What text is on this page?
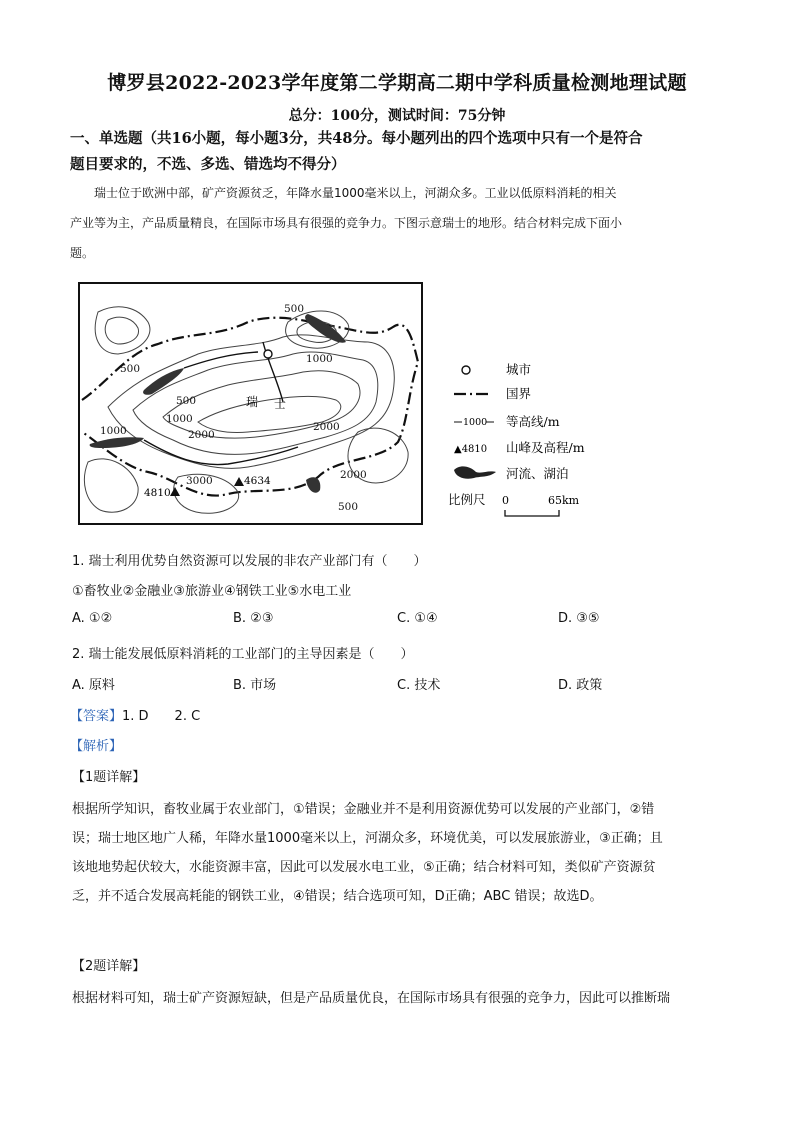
博罗县2022-2023学年度第二学期高二期中学科质量检测地理试题
总分：100分，测试时间：75分钟
一、单选题（共16小题，每小题3分，共48分。每小题列出的四个选项中只有一个是符合
题目要求的，不选、多选、错选均不得分）
瑞士位于欧洲中部，矿产资源贫乏，年降水量1000毫米以上，河湖众多。工业以低原料消耗的相关
产业等为主，产品质量精良，在国际市场具有很强的竞争力。下图示意瑞士的地形。结合材料完成下面小
题。
500
1000
500
500
1000
2000
1000	2000
3000	2000
500
瑞 士
4810
4634
城市
国界
1000 等高线/m
▲4810 山峰及高程/m
河流、湖泊
比例尺 0	65km
1. 瑞士利用优势自然资源可以发展的非农产业部门有（　　）
①畜牧业②金融业③旅游业④钢铁工业⑤水电工业
A. ①②	B. ②③	C. ①④	D. ③⑤
2. 瑞士能发展低原料消耗的工业部门的主导因素是（　　）
A. 原料	B. 市场	C. 技术	D. 政策
【答案】1. D　　2. C
【解析】
【1题详解】
根据所学知识，畜牧业属于农业部门，①错误；金融业并不是利用资源优势可以发展的产业部门，②错
误；瑞士地区地广人稀，年降水量1000毫米以上，河湖众多，环境优美，可以发展旅游业，③正确；且
该地地势起伏较大，水能资源丰富，因此可以发展水电工业，⑤正确；结合材料可知，类似矿产资源贫
乏，并不适合发展高耗能的钢铁工业，④错误；结合选项可知，D正确；ABC 错误；故选D。
【2题详解】
根据材料可知，瑞士矿产资源短缺，但是产品质量优良，在国际市场具有很强的竞争力，因此可以推断瑞
